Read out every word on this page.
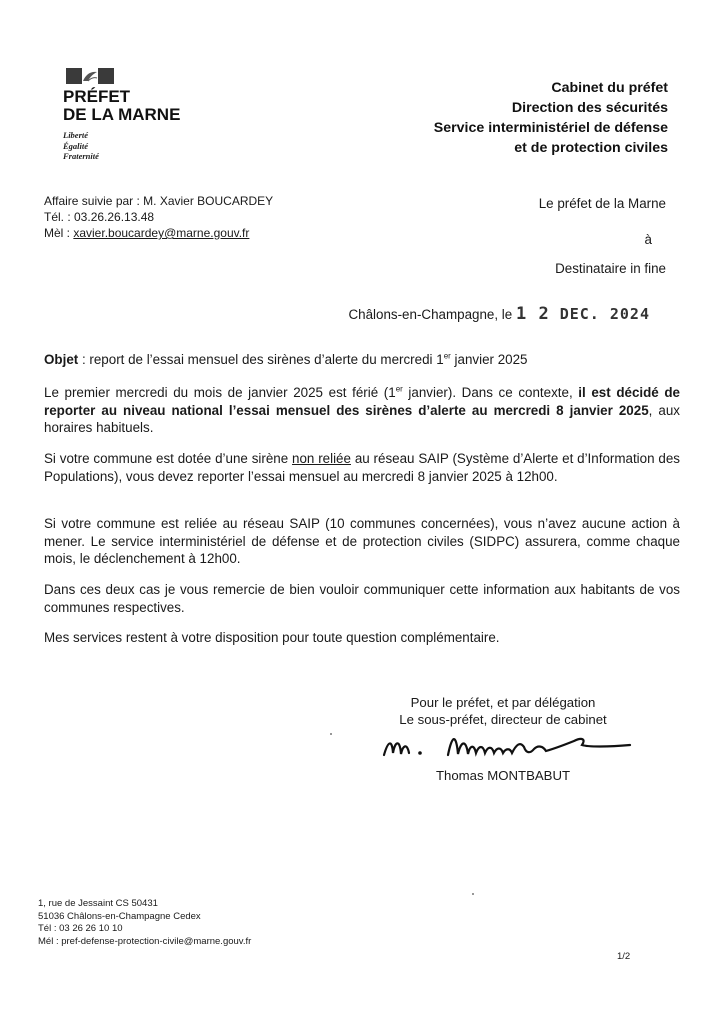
PRÉFET
DE LA MARNE
Liberté
Égalité
Fraternité
Cabinet du préfet
Direction des sécurités
Service interministériel de défense
et de protection civiles
Affaire suivie par : M. Xavier BOUCARDEY
Tél. : 03.26.26.13.48
Mèl : xavier.boucardey@marne.gouv.fr
Le préfet de la Marne
à
Destinataire in fine
Châlons-en-Champagne, le 1 2 DEC. 2024
Objet : report de l’essai mensuel des sirènes d’alerte du mercredi 1er janvier 2025
Le premier mercredi du mois de janvier 2025 est férié (1er janvier). Dans ce contexte, il est décidé de reporter au niveau national l’essai mensuel des sirènes d’alerte au mercredi 8 janvier 2025, aux horaires habituels.
Si votre commune est dotée d’une sirène non reliée au réseau SAIP (Système d’Alerte et d’Information des Populations), vous devez reporter l’essai mensuel au mercredi 8 janvier 2025 à 12h00.
Si votre commune est reliée au réseau SAIP (10 communes concernées), vous n’avez aucune action à mener. Le service interministériel de défense et de protection civiles (SIDPC) assurera, comme chaque mois, le déclenchement à 12h00.
Dans ces deux cas je vous remercie de bien vouloir communiquer cette information aux habitants de vos communes respectives.
Mes services restent à votre disposition pour toute question complémentaire.
Pour le préfet, et par délégation
Le sous-préfet, directeur de cabinet
Thomas MONTBABUT
1, rue de Jessaint CS 50431
51036 Châlons-en-Champagne Cedex
Tél : 03 26 26 10 10
Mél : pref-defense-protection-civile@marne.gouv.fr
1/2
